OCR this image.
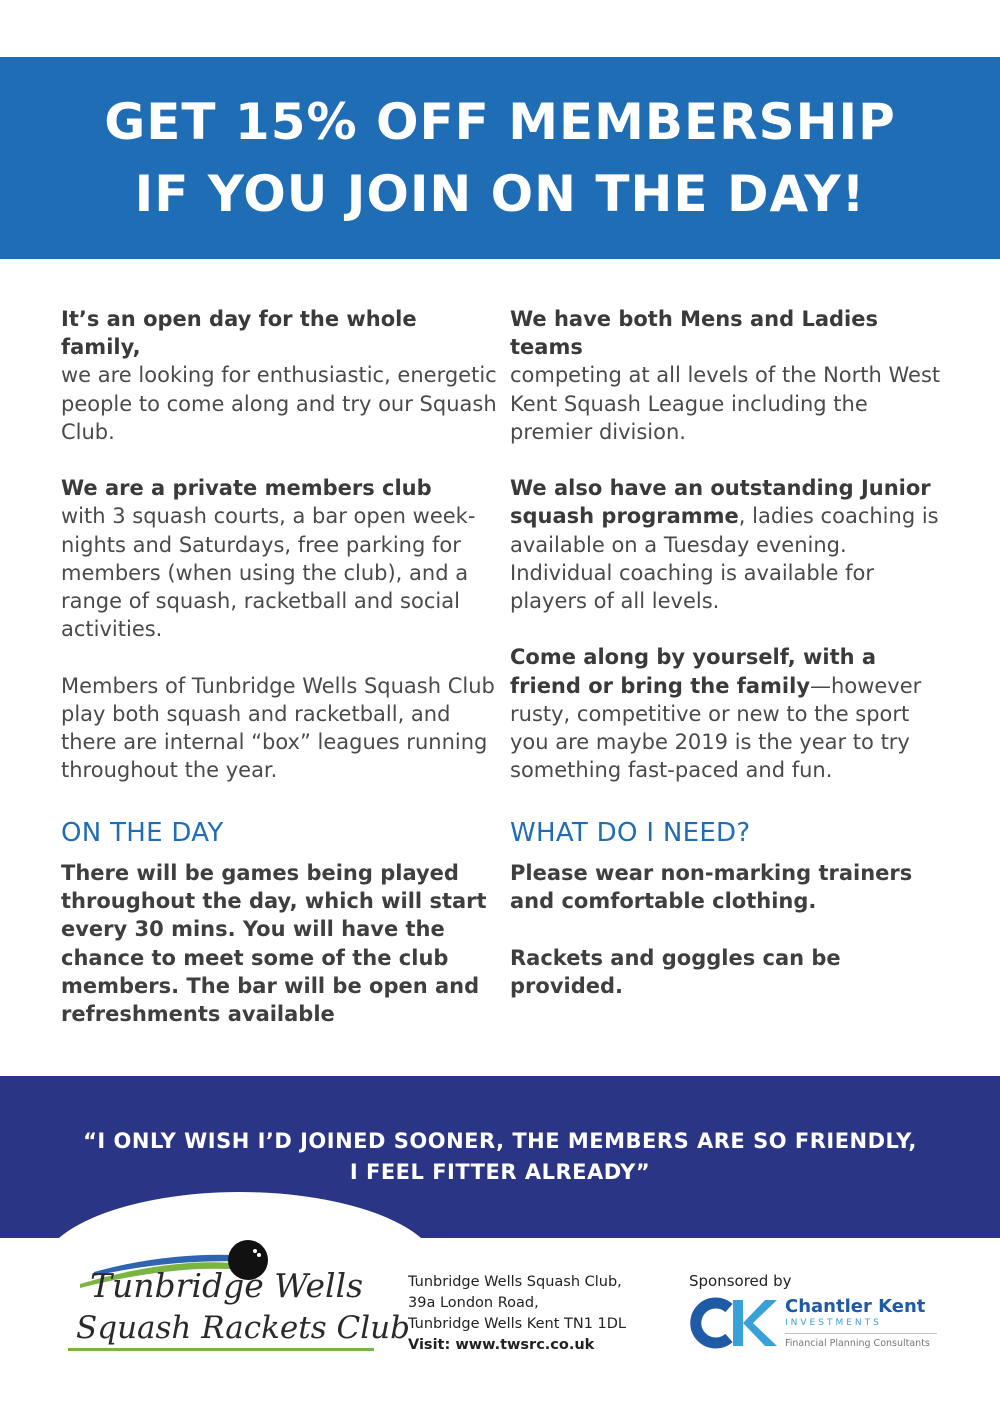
GET 15% OFF MEMBERSHIP
IF YOU JOIN ON THE DAY!

It’s an open day for the whole family,
we are looking for enthusiastic, energetic people to come along and try our Squash Club.

We are a private members club
with 3 squash courts, a bar open week-nights and Saturdays, free parking for members (when using the club), and a range of squash, racketball and social activities.

Members of Tunbridge Wells Squash Club play both squash and racketball, and there are internal “box” leagues running throughout the year.

We have both Mens and Ladies teams
competing at all levels of the North West Kent Squash League including the premier division.

We also have an outstanding Junior squash programme, ladies coaching is available on a Tuesday evening. Individual coaching is available for players of all levels.

Come along by yourself, with a friend or bring the family—however rusty, competitive or new to the sport you are maybe 2019 is the year to try something fast-paced and fun.

ON THE DAY

There will be games being played throughout the day, which will start every 30 mins. You will have the chance to meet some of the club members. The bar will be open and refreshments available

WHAT DO I NEED?

Please wear non-marking trainers and comfortable clothing.

Rackets and goggles can be provided.

“I ONLY WISH I’D JOINED SOONER, THE MEMBERS ARE SO FRIENDLY,
I FEEL FITTER ALREADY”
Tunbridge Wells
Squash Rackets Club
Tunbridge Wells Squash Club,
39a London Road,
Tunbridge Wells Kent TN1 1DL
Visit: www.twsrc.co.uk
Sponsored by
Chantler Kent
INVESTMENTS
Financial Planning Consultants
